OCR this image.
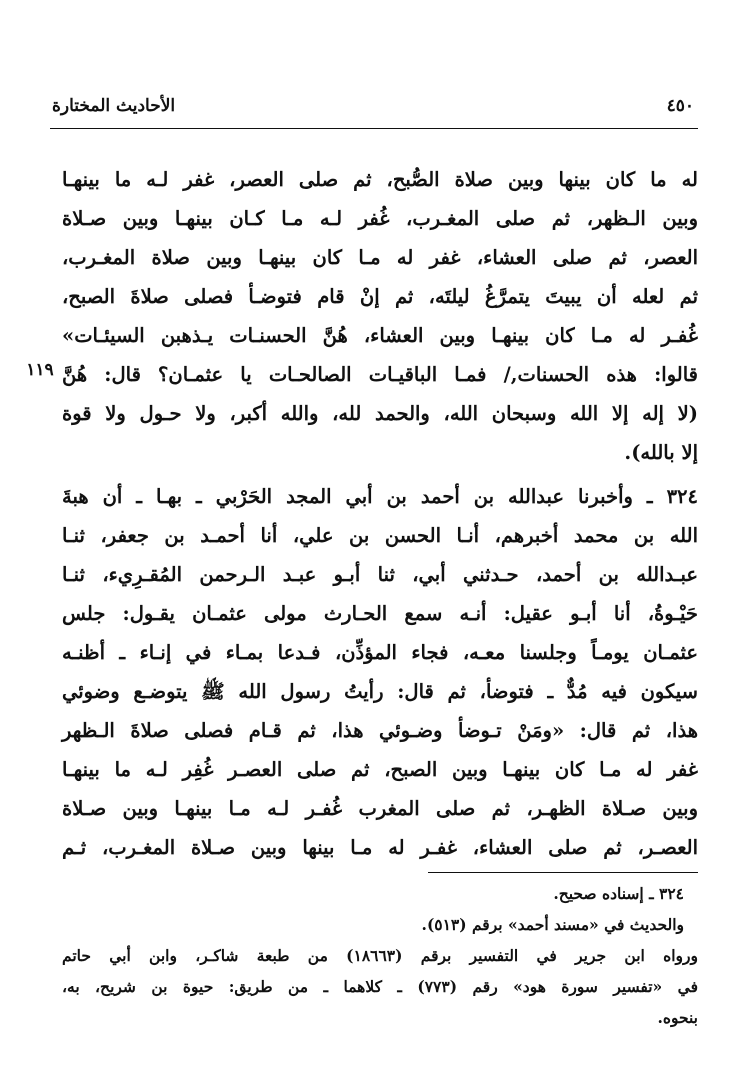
الأحاديث المختارة	٤٥٠
له ما كان بينها وبين صلاة الصُّبح، ثم صلى العصر، غفر لـه ما بينهـا
وبين الـظهر، ثم صلى المغـرب، غُفر لـه مـا كـان بينهـا وبين صـلاة
العصر، ثم صلى العشاء، غفر له مـا كان بينهـا وبين صلاة المغـرب،
ثم لعله أن يبيتَ يتمرَّغُ ليلتَه، ثم إنْ قام فتوضـأ فصلى صلاةَ الصبح،
غُفـر له مـا كان بينهـا وبين العشاء، هُنَّ الحسنـات يـذهبن السيئـات»
قالوا: هذه الحسنات,/ فمـا الباقيـات الصالحـات يا عثمـان؟ قال: هُنَّ
(لا إله إلا الله وسبحان الله، والحمد لله، والله أكبر، ولا حـول ولا قوة
إلا بالله).
١١٩
٣٢٤ ـ وأخبرنا عبدالله بن أحمد بن أبي المجد الحَرْبي ـ بهـا ـ أن هبةَ
الله بن محمد أخبرهم، أنـا الحسن بن علي، أنا أحمـد بن جعفر، ثنـا
عبـدالله بن أحمد، حـدثني أبي، ثنا أبـو عبـد الـرحمن المُقـرِيء، ثنـا
حَيْـوةُ، أنا أبـو عقيل: أنـه سمع الحـارث مولى عثمـان يقـول: جلس
عثمـان يومـاً وجلسنا معـه، فجاء المؤذِّن، فـدعا بمـاء في إنـاء ـ أظنـه
سيكون فيه مُدٌّ ـ فتوضأ، ثم قال: رأيتُ رسول الله ﷺ يتوضـع وضوئي
هذا، ثم قال: «ومَنْ تـوضأ وضـوئي هذا، ثم قـام فصلى صلاةَ الـظهر
غفر له مـا كان بينهـا وبين الصبح، ثم صلى العصـر غُفِر لـه ما بينهـا
وبين صـلاة الظهـر، ثم صلى المغرب غُفـر لـه مـا بينهـا وبين صـلاة
العصـر، ثم صلى العشاء، غفـر له مـا بينها وبين صـلاة المغـرب، ثـم
٣٢٤ ـ إسناده صحيح.
والحديث في «مسند أحمد» برقم (٥١٣).
ورواه ابن جرير في التفسير برقم (١٨٦٦٣) من طبعة شاكـر، وابن أبي حاتم
في «تفسير سورة هود» رقم (٧٧٣) ـ كلاهما ـ من طريق: حيوة بن شريح، به،
بنحوه.
